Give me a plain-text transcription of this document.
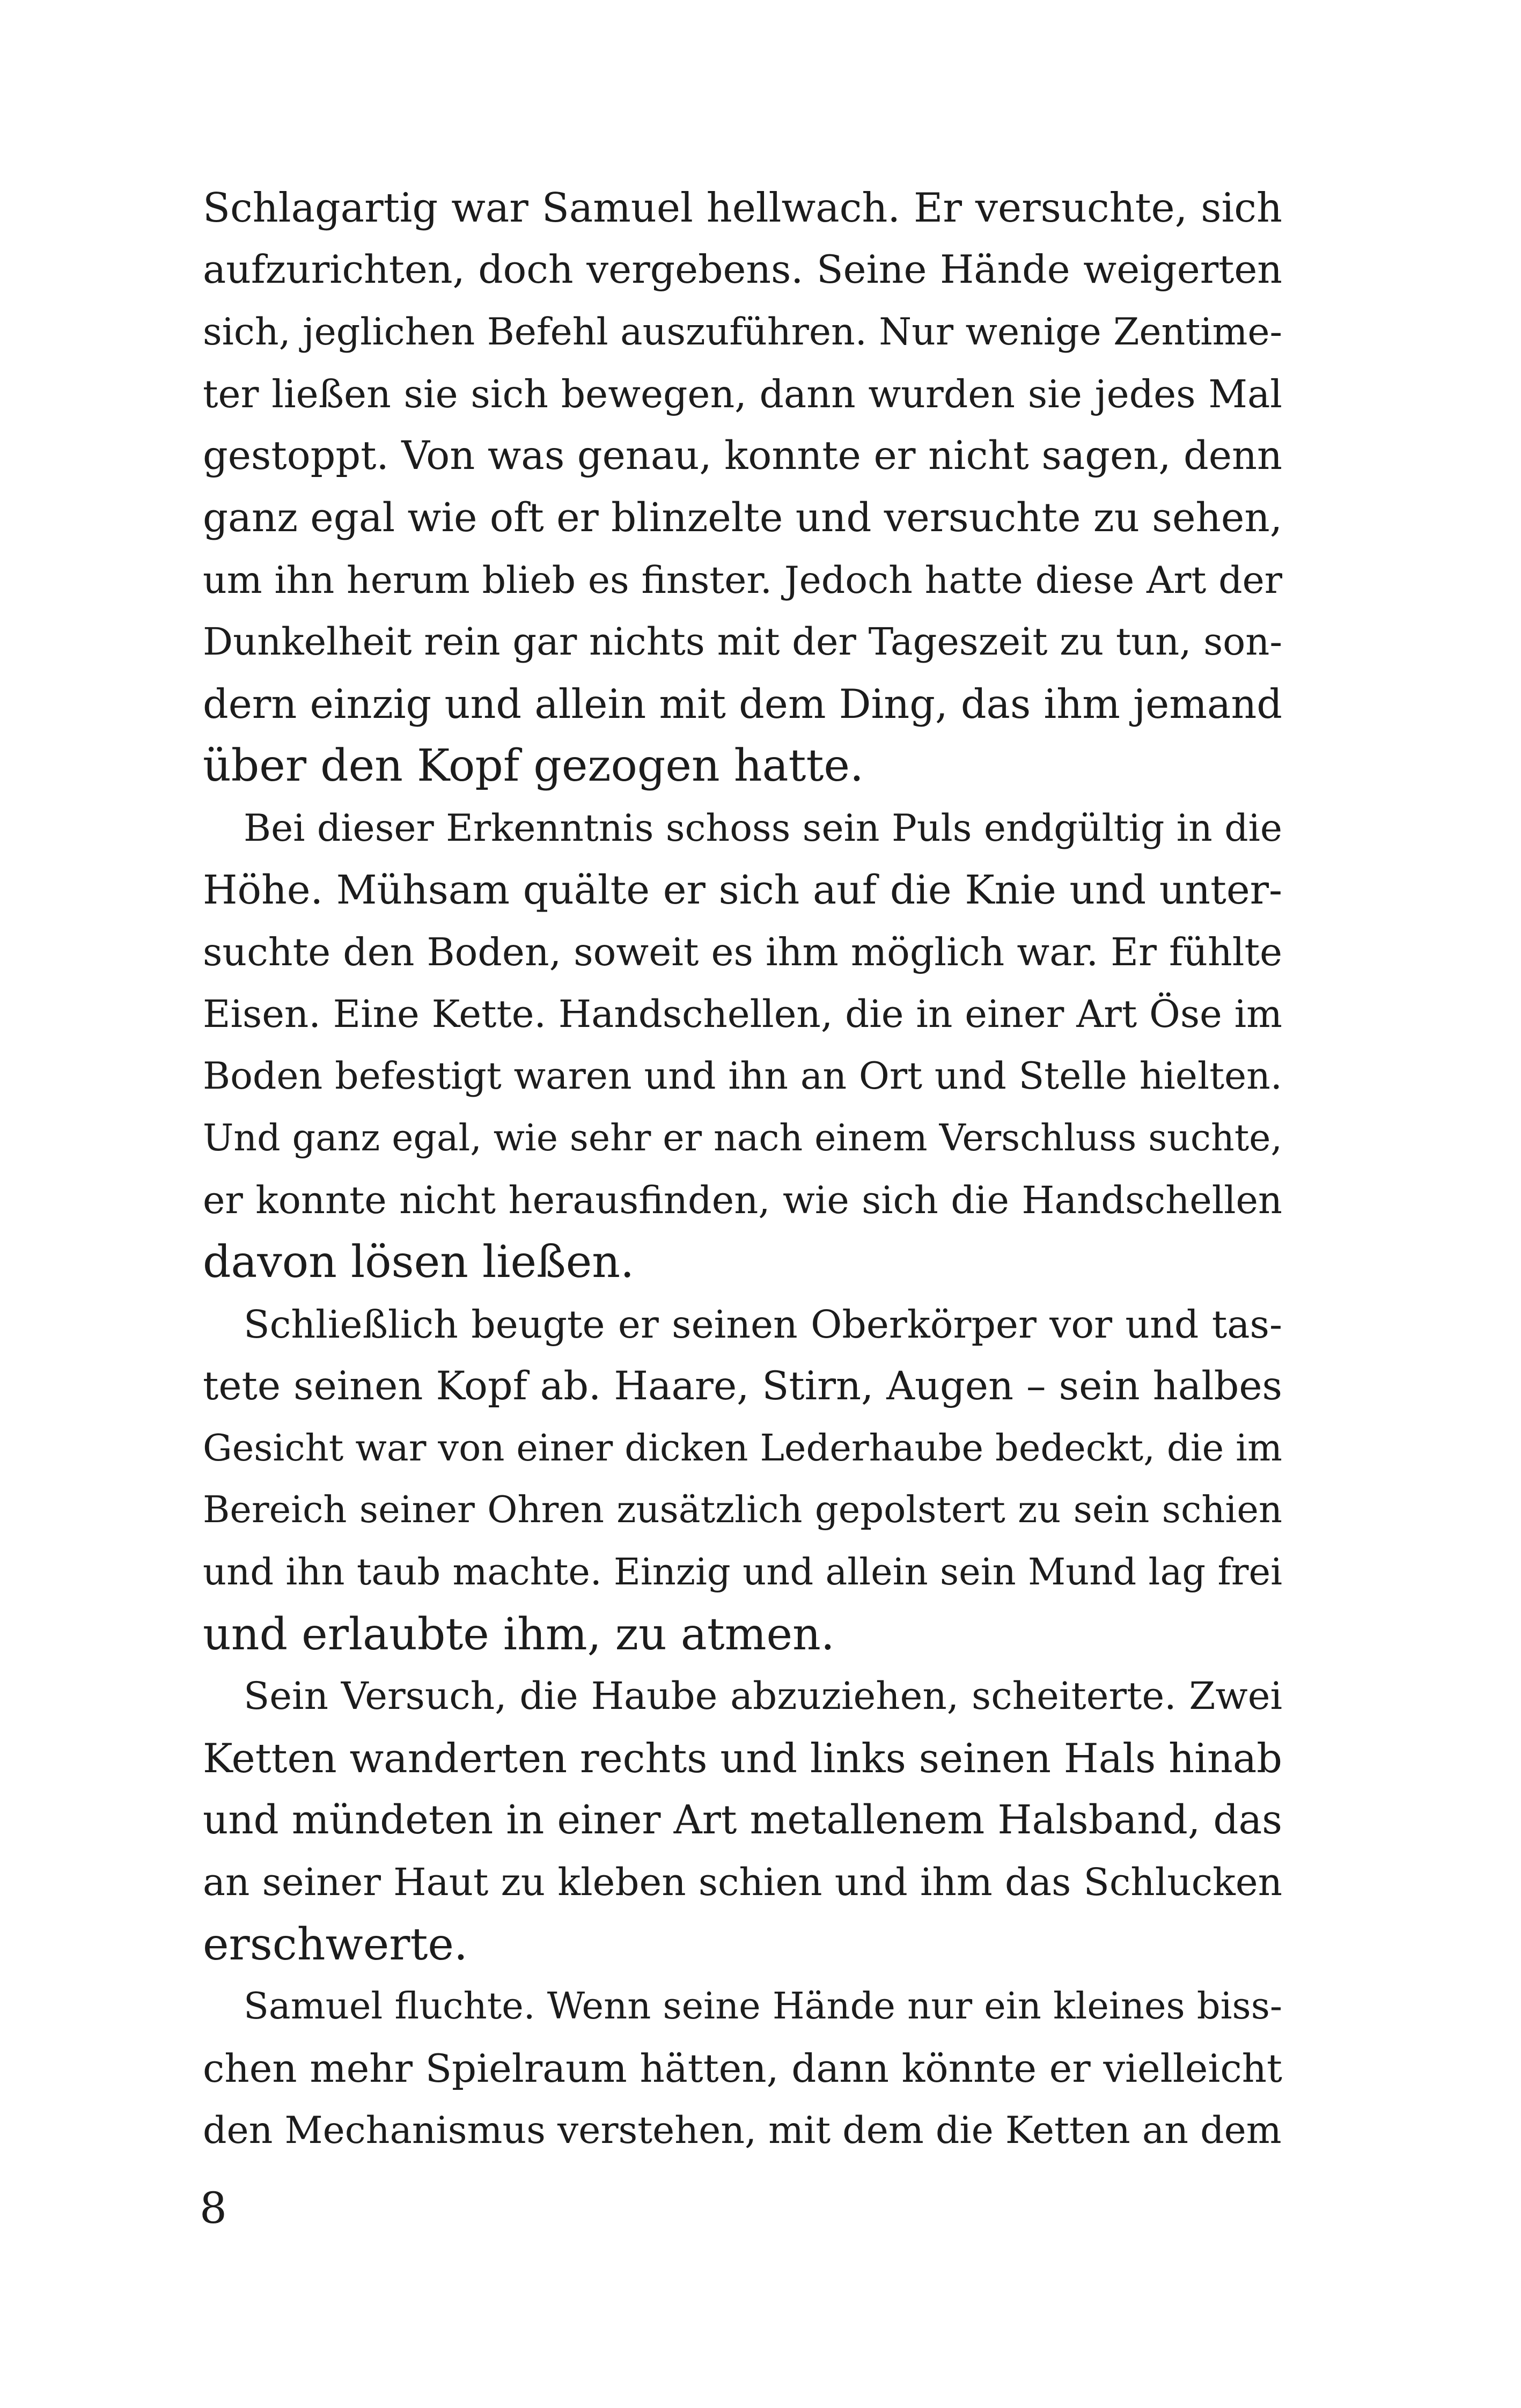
Schlagartig war Samuel hellwach. Er versuchte, sich
aufzurichten, doch vergebens. Seine Hände weigerten
sich, jeglichen Befehl auszuführen. Nur wenige Zentime-
ter ließen sie sich bewegen, dann wurden sie jedes Mal
gestoppt. Von was genau, konnte er nicht sagen, denn
ganz egal wie oft er blinzelte und versuchte zu sehen,
um ihn herum blieb es finster. Jedoch hatte diese Art der
Dunkelheit rein gar nichts mit der Tageszeit zu tun, son-
dern einzig und allein mit dem Ding, das ihm jemand
über den Kopf gezogen hatte.
Bei dieser Erkenntnis schoss sein Puls endgültig in die
Höhe. Mühsam quälte er sich auf die Knie und unter-
suchte den Boden, soweit es ihm möglich war. Er fühlte
Eisen. Eine Kette. Handschellen, die in einer Art Öse im
Boden befestigt waren und ihn an Ort und Stelle hielten.
Und ganz egal, wie sehr er nach einem Verschluss suchte,
er konnte nicht herausfinden, wie sich die Handschellen
davon lösen ließen.
Schließlich beugte er seinen Oberkörper vor und tas-
tete seinen Kopf ab. Haare, Stirn, Augen – sein halbes
Gesicht war von einer dicken Lederhaube bedeckt, die im
Bereich seiner Ohren zusätzlich gepolstert zu sein schien
und ihn taub machte. Einzig und allein sein Mund lag frei
und erlaubte ihm, zu atmen.
Sein Versuch, die Haube abzuziehen, scheiterte. Zwei
Ketten wanderten rechts und links seinen Hals hinab
und mündeten in einer Art metallenem Halsband, das
an seiner Haut zu kleben schien und ihm das Schlucken
erschwerte.
Samuel fluchte. Wenn seine Hände nur ein kleines biss-
chen mehr Spielraum hätten, dann könnte er vielleicht
den Mechanismus verstehen, mit dem die Ketten an dem
8
